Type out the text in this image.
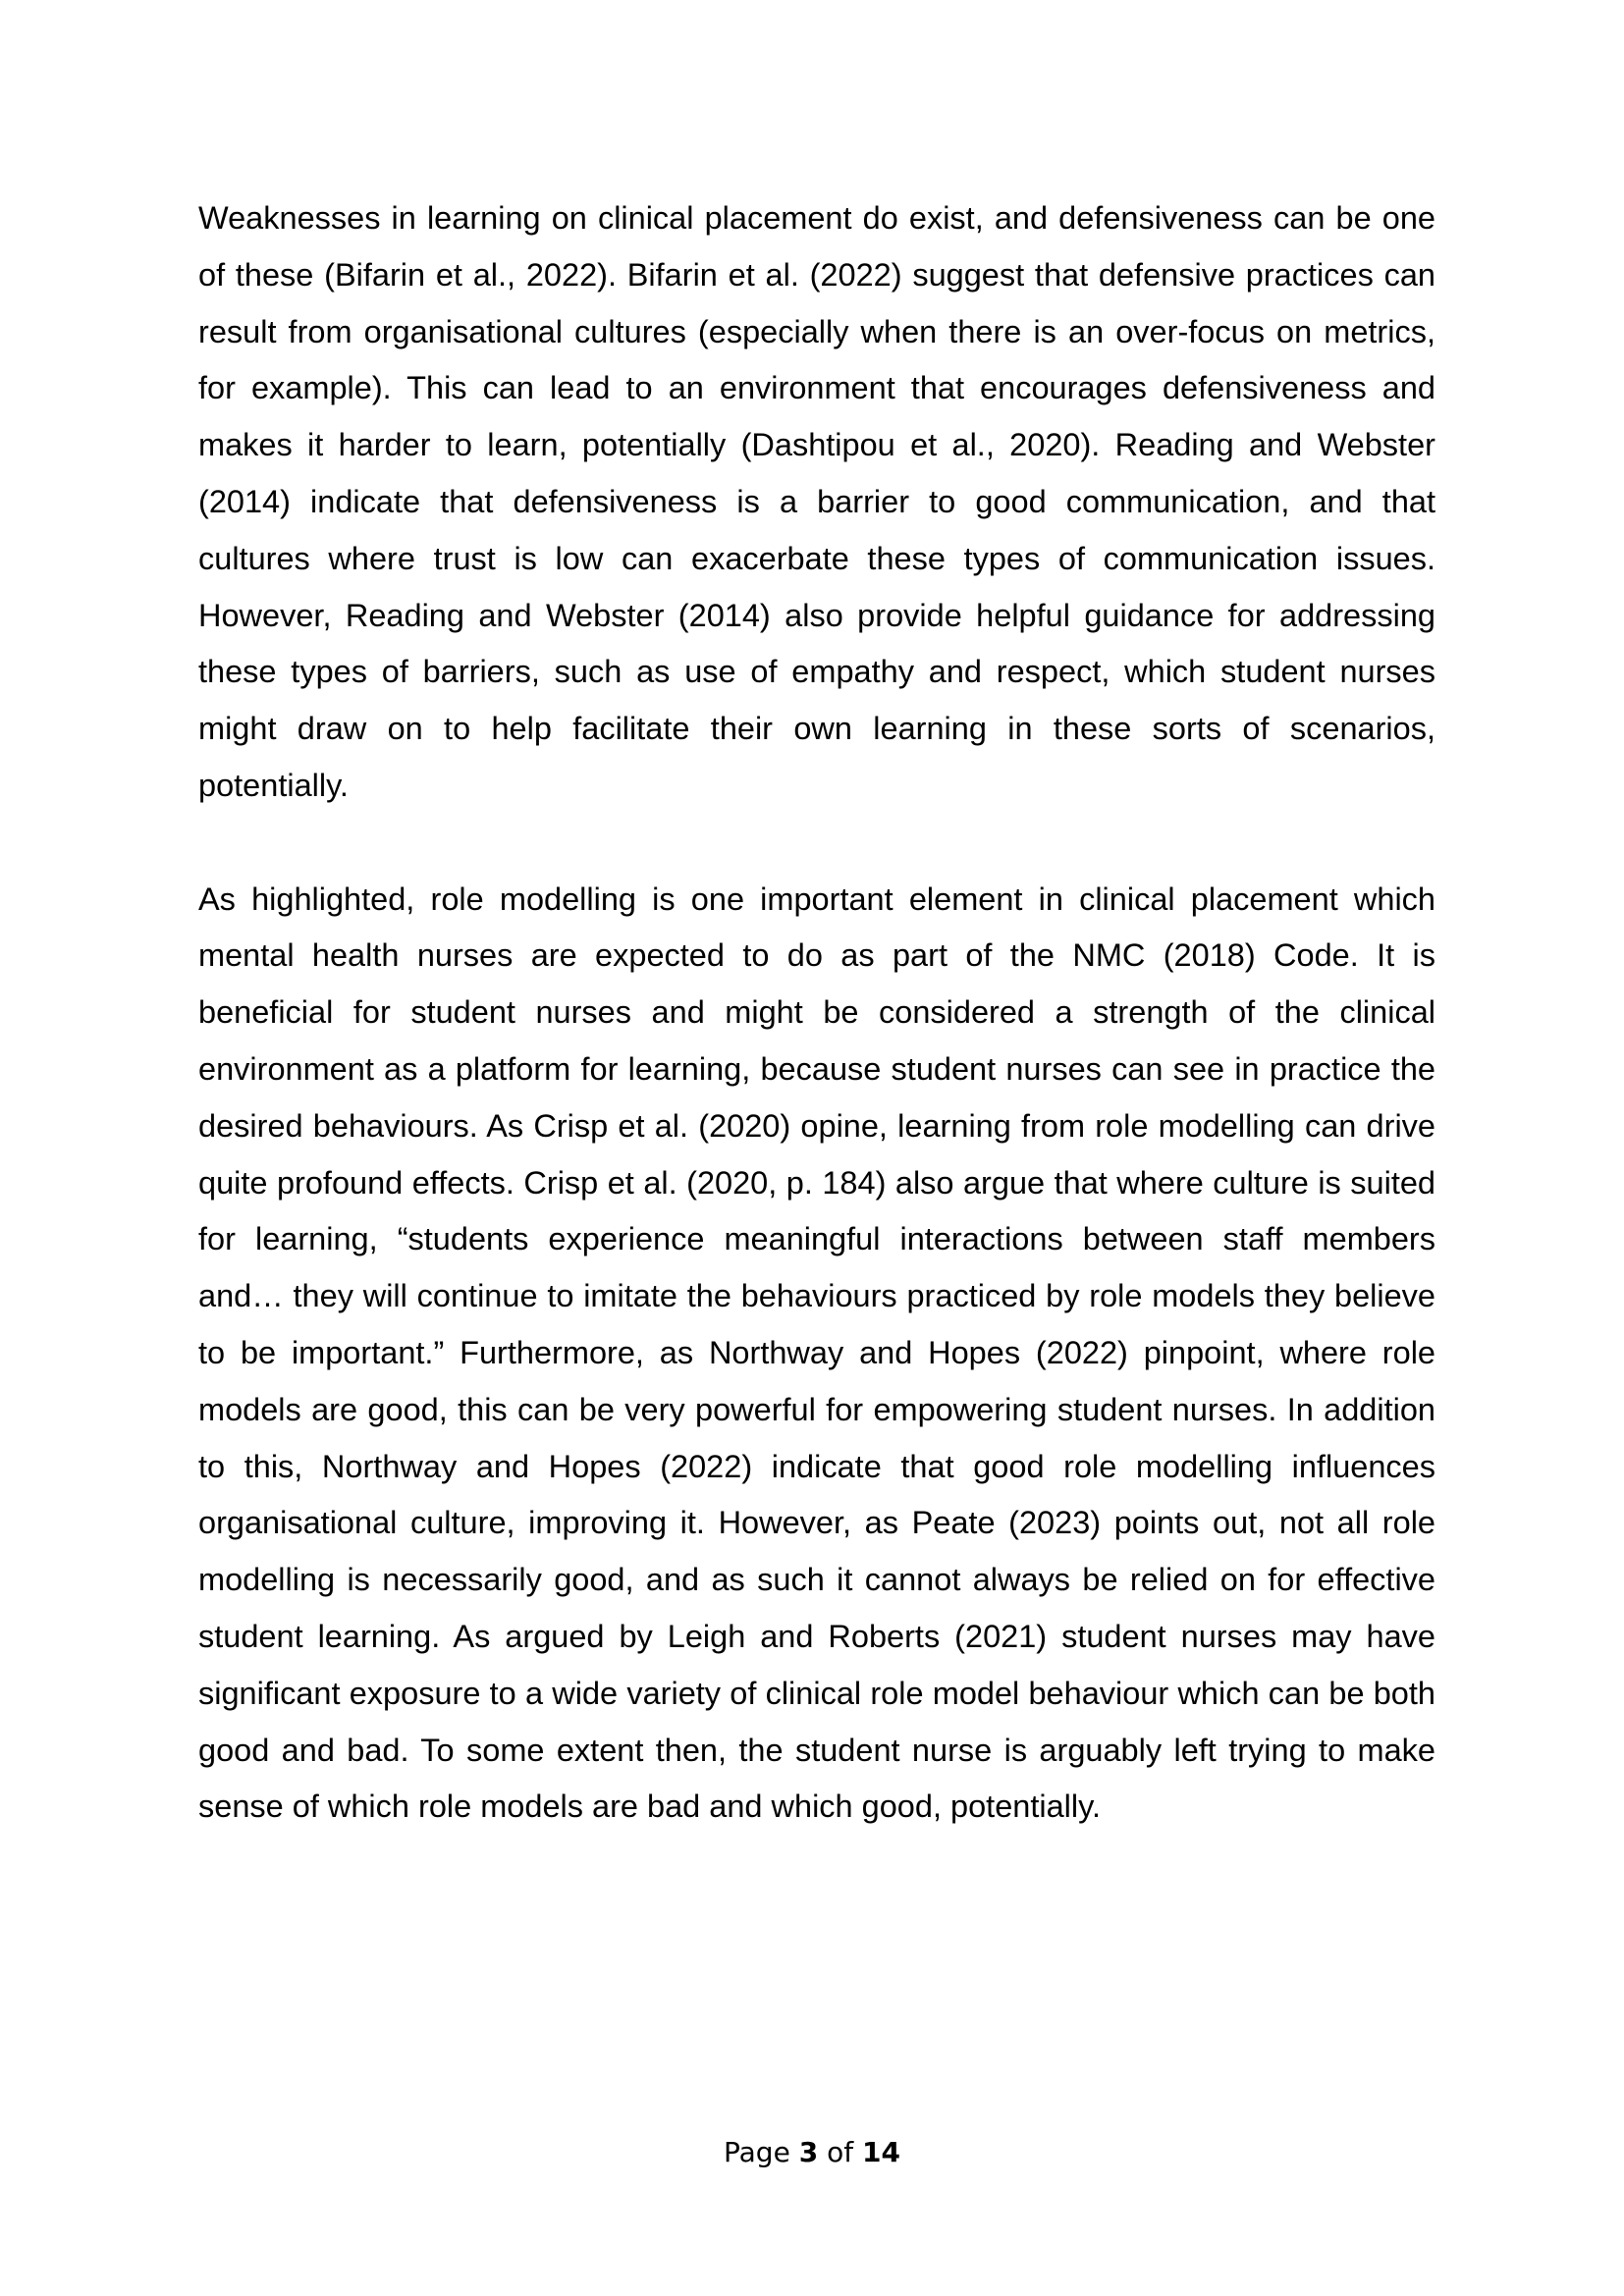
Weaknesses in learning on clinical placement do exist, and defensiveness can be one of these (Bifarin et al., 2022). Bifarin et al. (2022) suggest that defensive practices can result from organisational cultures (especially when there is an over-focus on metrics, for example). This can lead to an environment that encourages defensiveness and makes it harder to learn, potentially (Dashtipou et al., 2020). Reading and Webster (2014) indicate that defensiveness is a barrier to good communication, and that cultures where trust is low can exacerbate these types of communication issues. However, Reading and Webster (2014) also provide helpful guidance for addressing these types of barriers, such as use of empathy and respect, which student nurses might draw on to help facilitate their own learning in these sorts of scenarios, potentially.

As highlighted, role modelling is one important element in clinical placement which mental health nurses are expected to do as part of the NMC (2018) Code. It is beneficial for student nurses and might be considered a strength of the clinical environment as a platform for learning, because student nurses can see in practice the desired behaviours. As Crisp et al. (2020) opine, learning from role modelling can drive quite profound effects. Crisp et al. (2020, p. 184) also argue that where culture is suited for learning, “students experience meaningful interactions between staff members and… they will continue to imitate the behaviours practiced by role models they believe to be important.” Furthermore, as Northway and Hopes (2022) pinpoint, where role models are good, this can be very powerful for empowering student nurses. In addition to this, Northway and Hopes (2022) indicate that good role modelling influences organisational culture, improving it. However, as Peate (2023) points out, not all role modelling is necessarily good, and as such it cannot always be relied on for effective student learning. As argued by Leigh and Roberts (2021) student nurses may have significant exposure to a wide variety of clinical role model behaviour which can be both good and bad. To some extent then, the student nurse is arguably left trying to make sense of which role models are bad and which good, potentially.

Page 3 of 14
